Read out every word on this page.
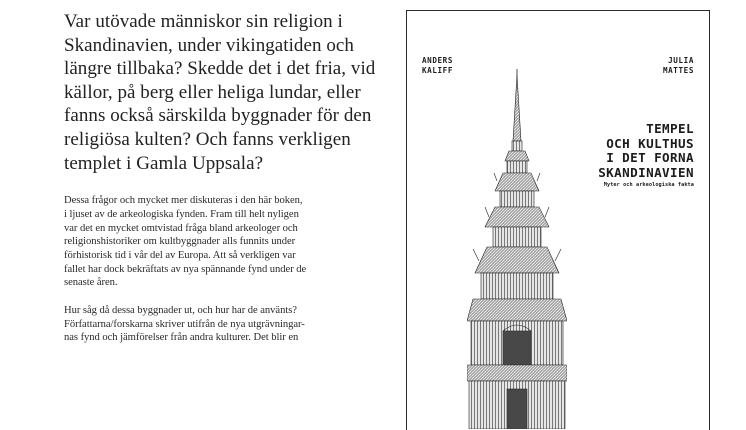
Var utövade människor sin religion i
Skandinavien, under vikingatiden och
längre tillbaka? Skedde det i det fria, vid
källor, på berg eller heliga lundar, eller
fanns också särskilda byggnader för den
religiösa kulten? Och fanns verkligen
templet i Gamla Uppsala?

Dessa frågor och mycket mer diskuteras i den här boken,
i ljuset av de arkeologiska fynden. Fram till helt nyligen
var det en mycket omtvistad fråga bland arkeologer och
religionshistoriker om kultbyggnader alls funnits under
förhistorisk tid i vår del av Europa. Att så verkligen var
fallet har dock bekräftats av nya spännande fynd under de
senaste åren.

Hur såg då dessa byggnader ut, och hur har de använts?
Författarna/forskarna skriver utifrån de nya utgrävningar-
nas fynd och jämförelser från andra kulturer. Det blir en

ANDERS
KALIFF
JULIA
MATTES
TEMPEL
OCH KULTHUS
I DET FORNA
SKANDINAVIEN
Myter och arkeologiska fakta
